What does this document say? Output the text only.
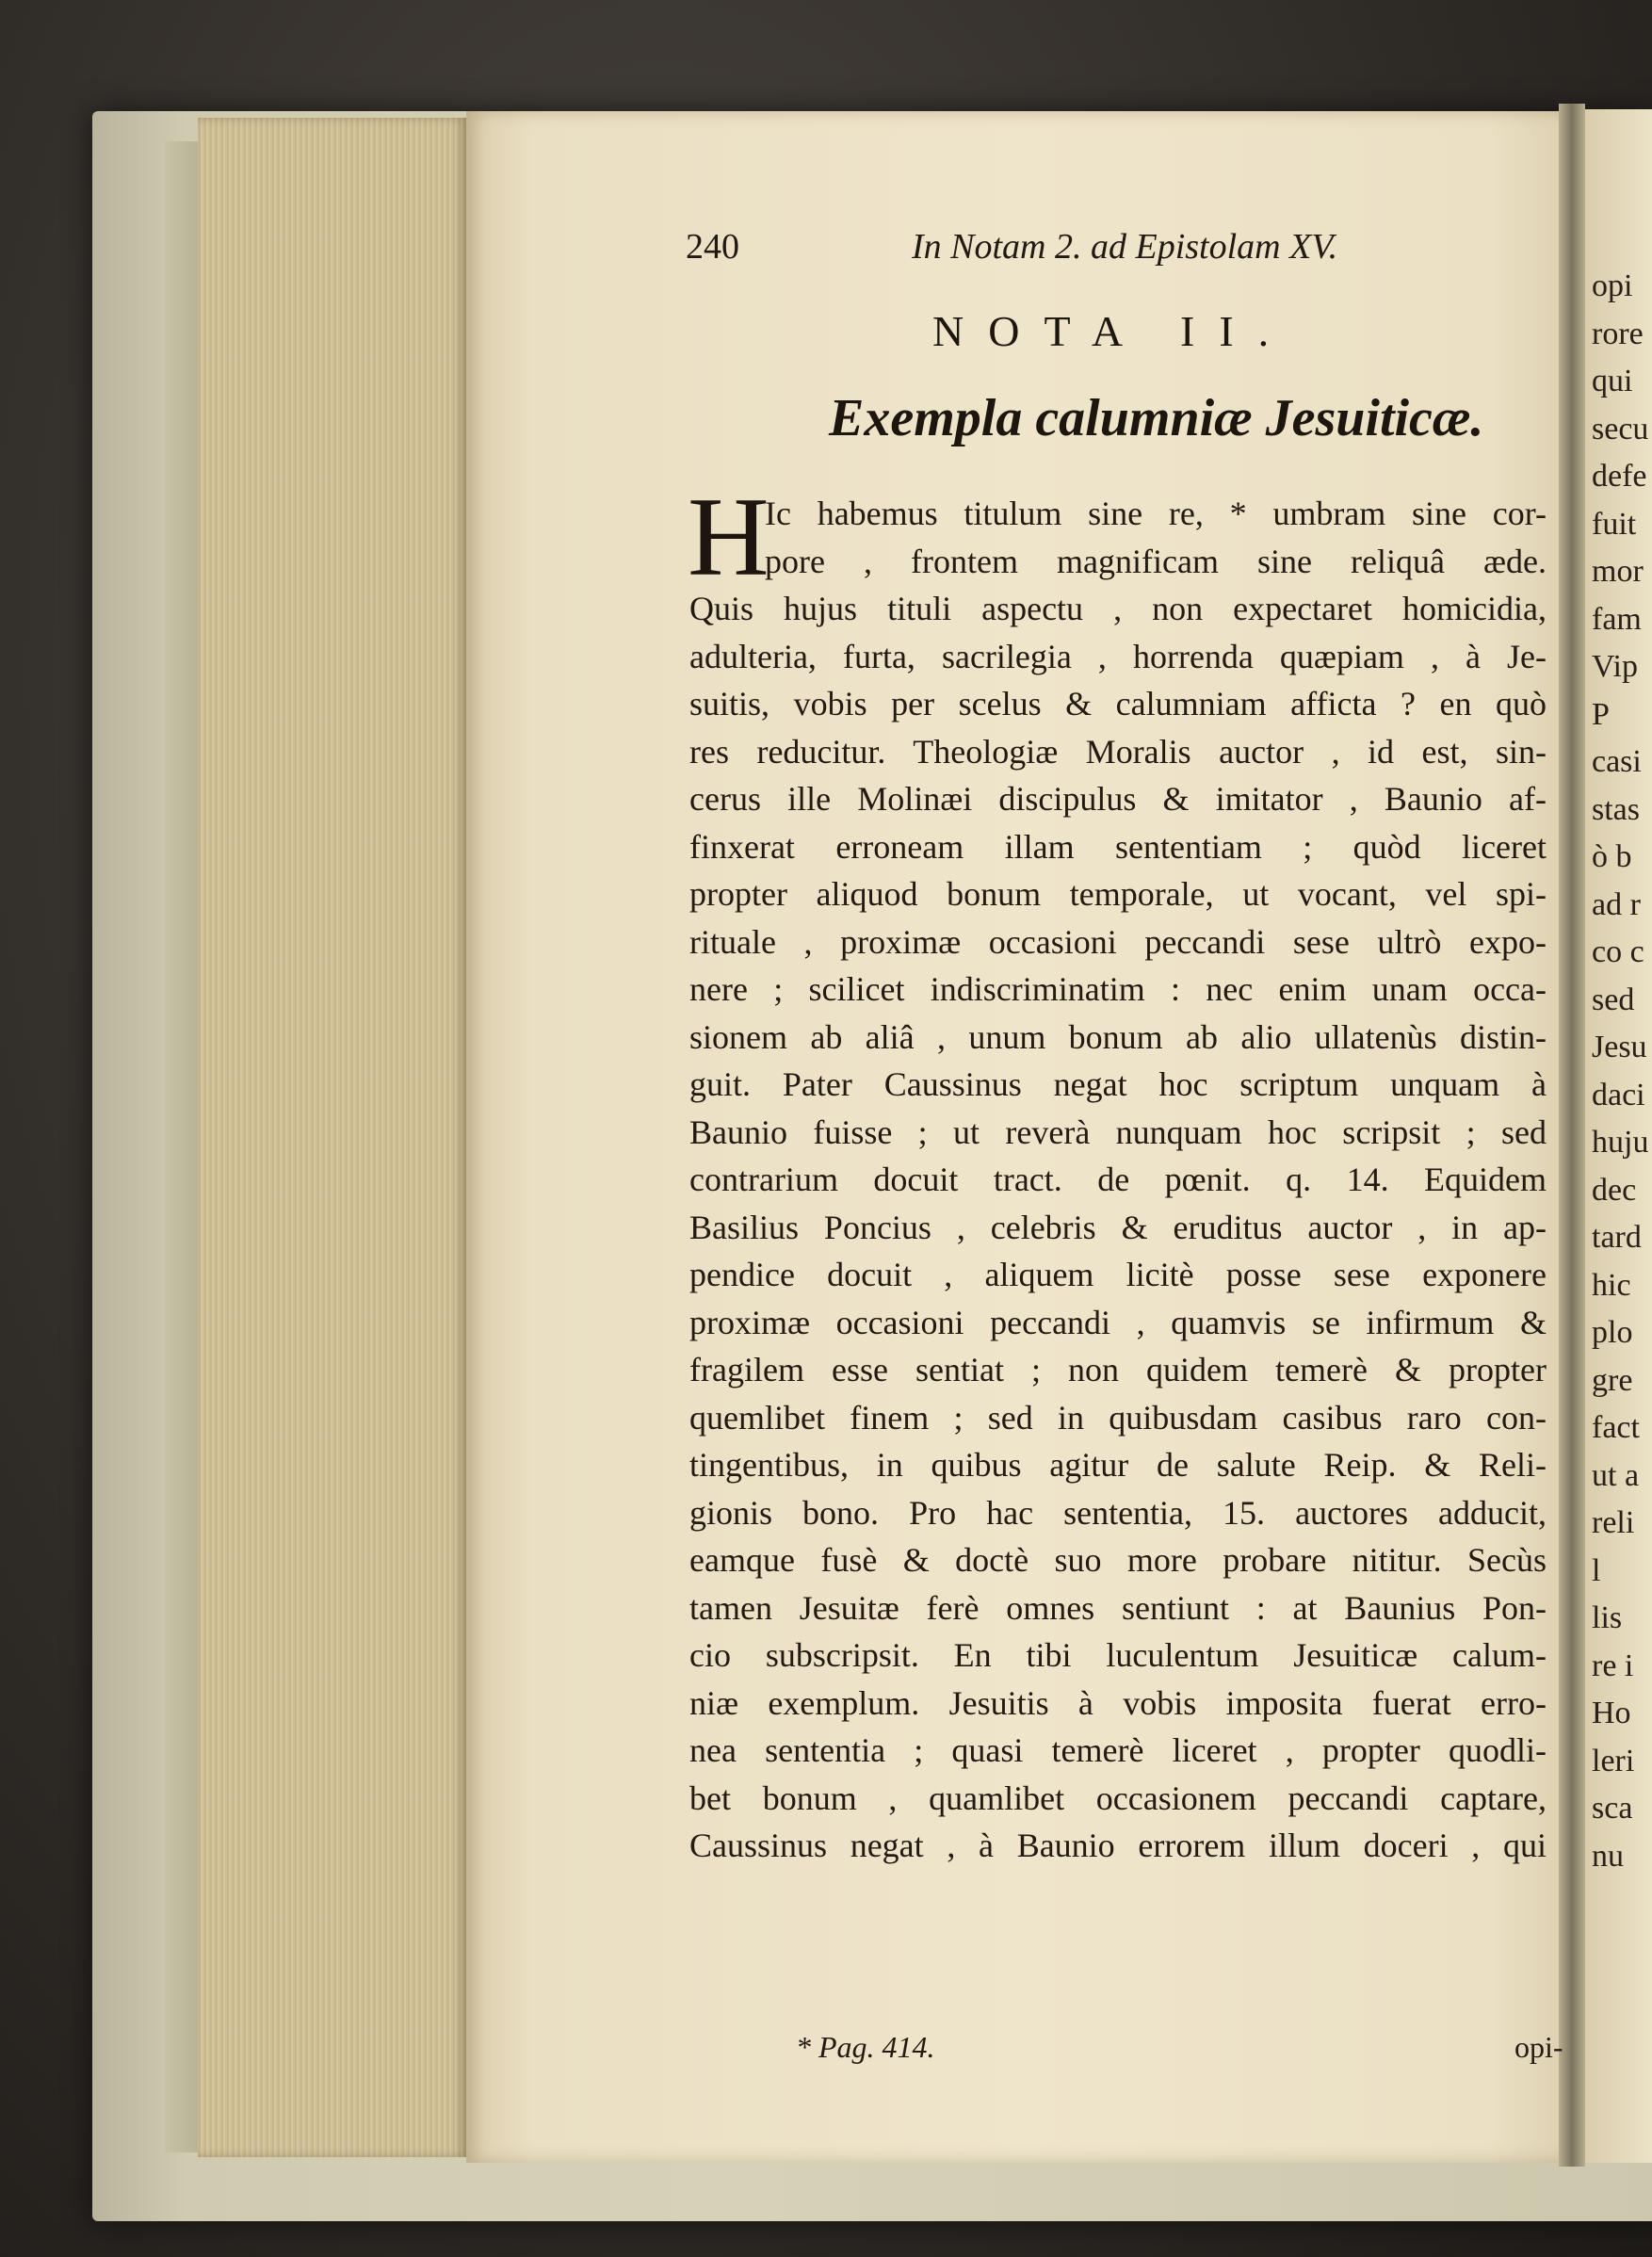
opi
rore
qui
secu
defe
fuit
mor
fam
Vip
P
casi
stas
ò b
ad r
co c
sed
Jesu
daci
huju
dec
tard
hic
plo
gre
fact
ut a
reli
l
lis
re i
Ho
leri
sca
nu
240	In Notam 2. ad Epistolam XV.
NOTA II.
Exempla calumniæ Jesuiticæ.
H
Ic habemus titulum sine re, * umbram sine cor-
pore , frontem magnificam sine reliquâ æde.
Quis hujus tituli aspectu , non expectaret homicidia,
adulteria, furta, sacrilegia , horrenda quæpiam , à Je-
suitis, vobis per scelus & calumniam afficta ? en quò
res reducitur. Theologiæ Moralis auctor , id est, sin-
cerus ille Molinæi discipulus & imitator , Baunio af-
finxerat erroneam illam sententiam ; quòd liceret
propter aliquod bonum temporale, ut vocant, vel spi-
rituale , proximæ occasioni peccandi sese ultrò expo-
nere ; scilicet indiscriminatim : nec enim unam occa-
sionem ab aliâ , unum bonum ab alio ullatenùs distin-
guit. Pater Caussinus negat hoc scriptum unquam à
Baunio fuisse ; ut reverà nunquam hoc scripsit ; sed
contrarium docuit tract. de pœnit. q. 14. Equidem
Basilius Poncius , celebris & eruditus auctor , in ap-
pendice docuit , aliquem licitè posse sese exponere
proximæ occasioni peccandi , quamvis se infirmum &
fragilem esse sentiat ; non quidem temerè & propter
quemlibet finem ; sed in quibusdam casibus raro con-
tingentibus, in quibus agitur de salute Reip. & Reli-
gionis bono. Pro hac sententia, 15. auctores adducit,
eamque fusè & doctè suo more probare nititur. Secùs
tamen Jesuitæ ferè omnes sentiunt : at Baunius Pon-
cio subscripsit. En tibi luculentum Jesuiticæ calum-
niæ exemplum. Jesuitis à vobis imposita fuerat erro-
nea sententia ; quasi temerè liceret , propter quodli-
bet bonum , quamlibet occasionem peccandi captare,
Caussinus negat , à Baunio errorem illum doceri , qui
* Pag. 414.	opi-
